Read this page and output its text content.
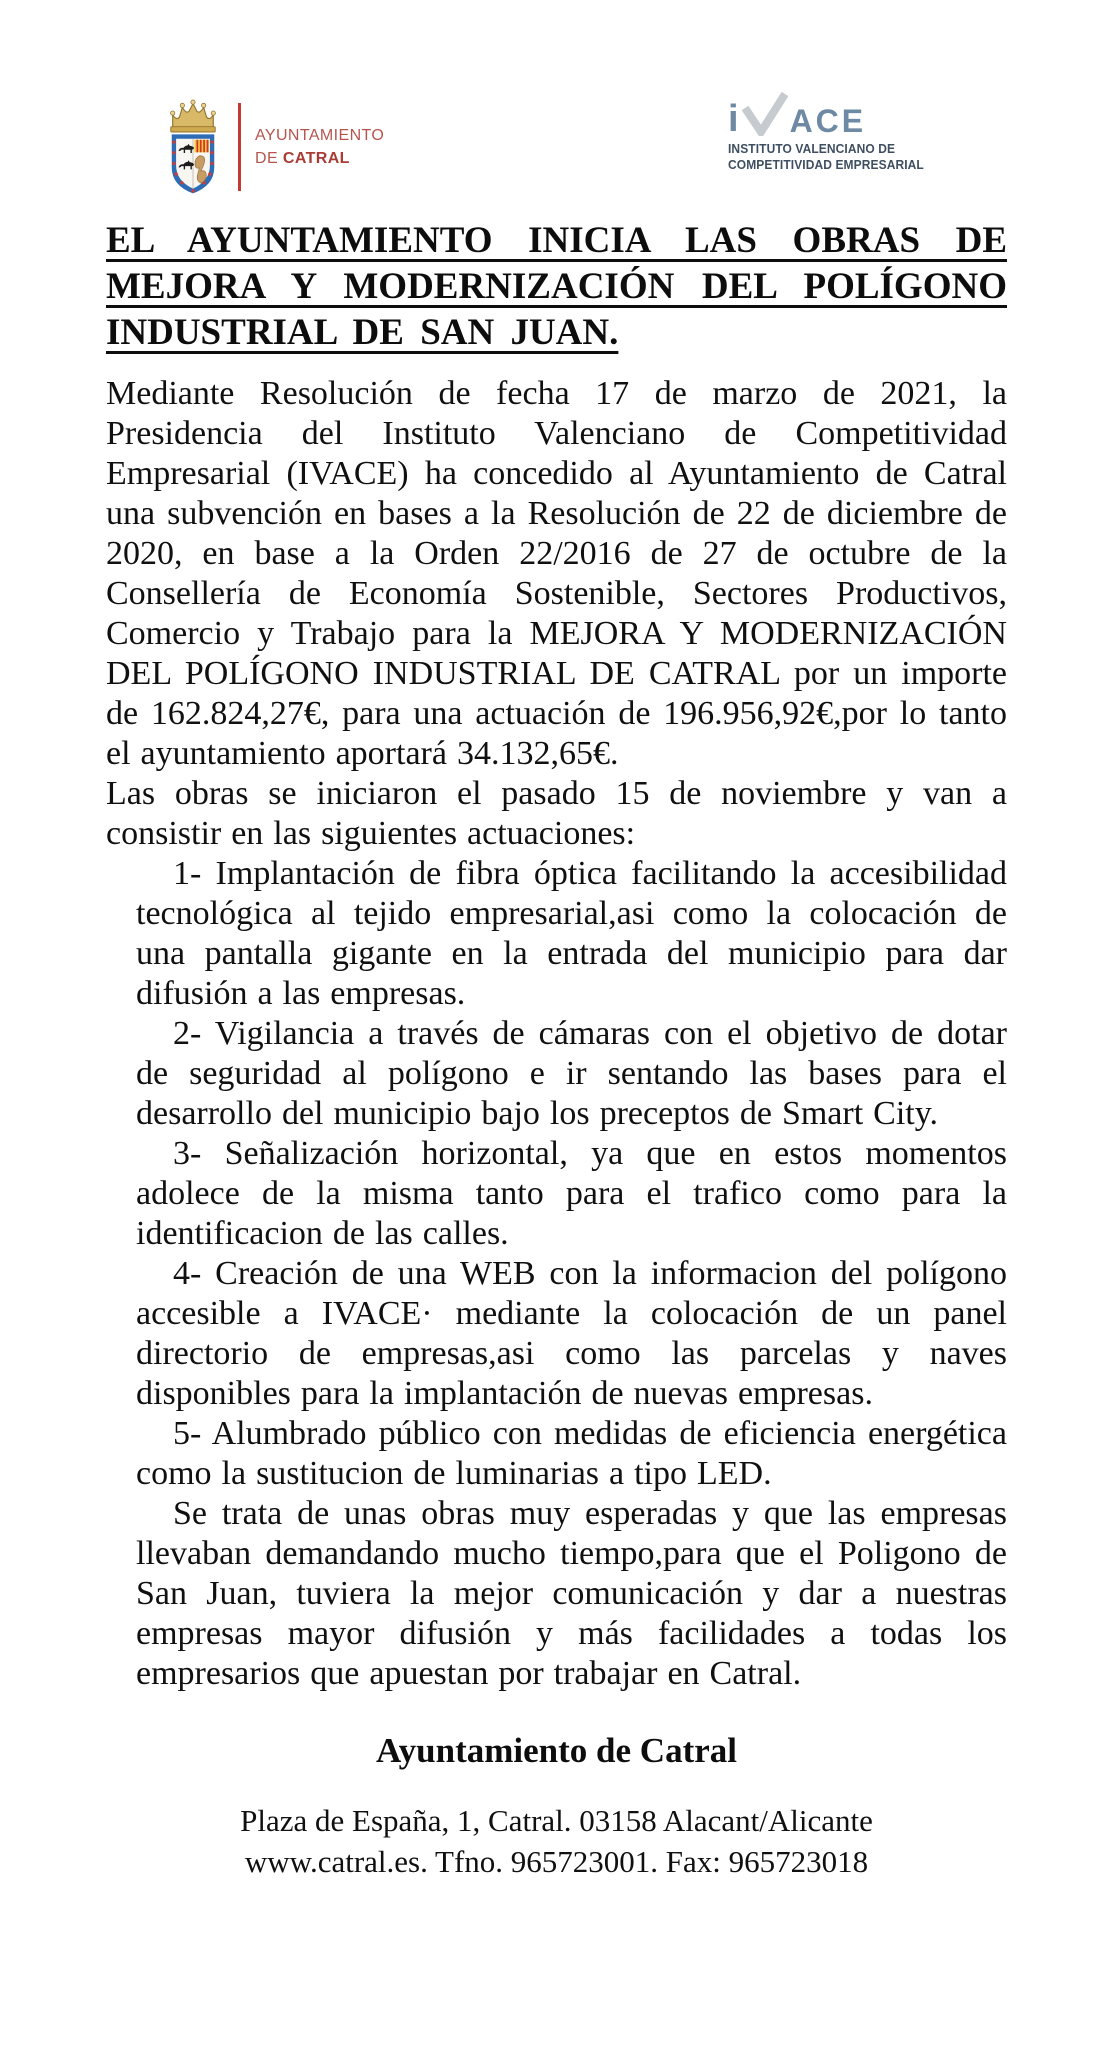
AYUNTAMIENTO
DE CATRAL
i ACE
INSTITUTO VALENCIANO DE
COMPETITIVIDAD EMPRESARIAL
EL AYUNTAMIENTO INICIA LAS OBRAS DE MEJORA Y MODERNIZACIÓN DEL POLÍGONO INDUSTRIAL DE SAN JUAN.

Mediante Resolución de fecha 17 de marzo de 2021, la Presidencia del Instituto Valenciano de Competitividad Empresarial (IVACE) ha concedido al Ayuntamiento de Catral una subvención en bases a la Resolución de 22 de diciembre de 2020, en base a la Orden 22/2016 de 27 de octubre de la Consellería de Economía Sostenible, Sectores Productivos, Comercio y Trabajo para la MEJORA Y MODERNIZACIÓN DEL POLÍGONO INDUSTRIAL DE CATRAL por un importe de 162.824,27€, para una actuación de 196.956,92€,por lo tanto el ayuntamiento aportará 34.132,65€.

Las obras se iniciaron el pasado 15 de noviembre y van a consistir en las siguientes actuaciones:

1- Implantación de fibra óptica facilitando la accesibilidad tecnológica al tejido empresarial,asi como la colocación de una pantalla gigante en la entrada del municipio para dar difusión a las empresas.

2- Vigilancia a través de cámaras con el objetivo de dotar de seguridad al polígono e ir sentando las bases para el desarrollo del municipio bajo los preceptos de Smart City.

3- Señalización horizontal, ya que en estos momentos adolece de la misma tanto para el trafico como para la identificacion de las calles.

4- Creación de una WEB con la informacion del polígono accesible a IVACE· mediante la colocación de un panel directorio de empresas,asi como las parcelas y naves disponibles para la implantación de nuevas empresas.

5- Alumbrado público con medidas de eficiencia energética como la sustitucion de luminarias a tipo LED.

Se trata de unas obras muy esperadas y que las empresas llevaban demandando mucho tiempo,para que el Poligono de San Juan, tuviera la mejor comunicación y dar a nuestras empresas mayor difusión y más facilidades a todas los empresarios que apuestan por trabajar en Catral.

Ayuntamiento de Catral
Plaza de España, 1, Catral. 03158 Alacant/Alicante
www.catral.es. Tfno. 965723001. Fax: 965723018
